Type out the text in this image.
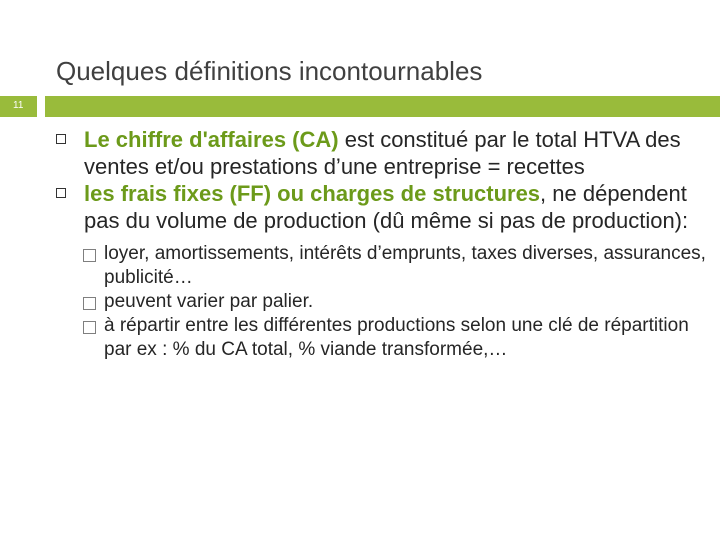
Quelques définitions incontournables
11
Le chiffre d'affaires (CA) est constitué par le total HTVA des ventes et/ou prestations d’une entreprise = recettes
les frais fixes (FF) ou charges de structures, ne dépendent pas du volume de production (dû même si pas de production):
loyer, amortissements, intérêts d’emprunts, taxes diverses, assurances, publicité…
peuvent varier par palier.
à répartir entre les différentes productions selon une clé de répartition par ex : % du CA total, % viande transformée,…
